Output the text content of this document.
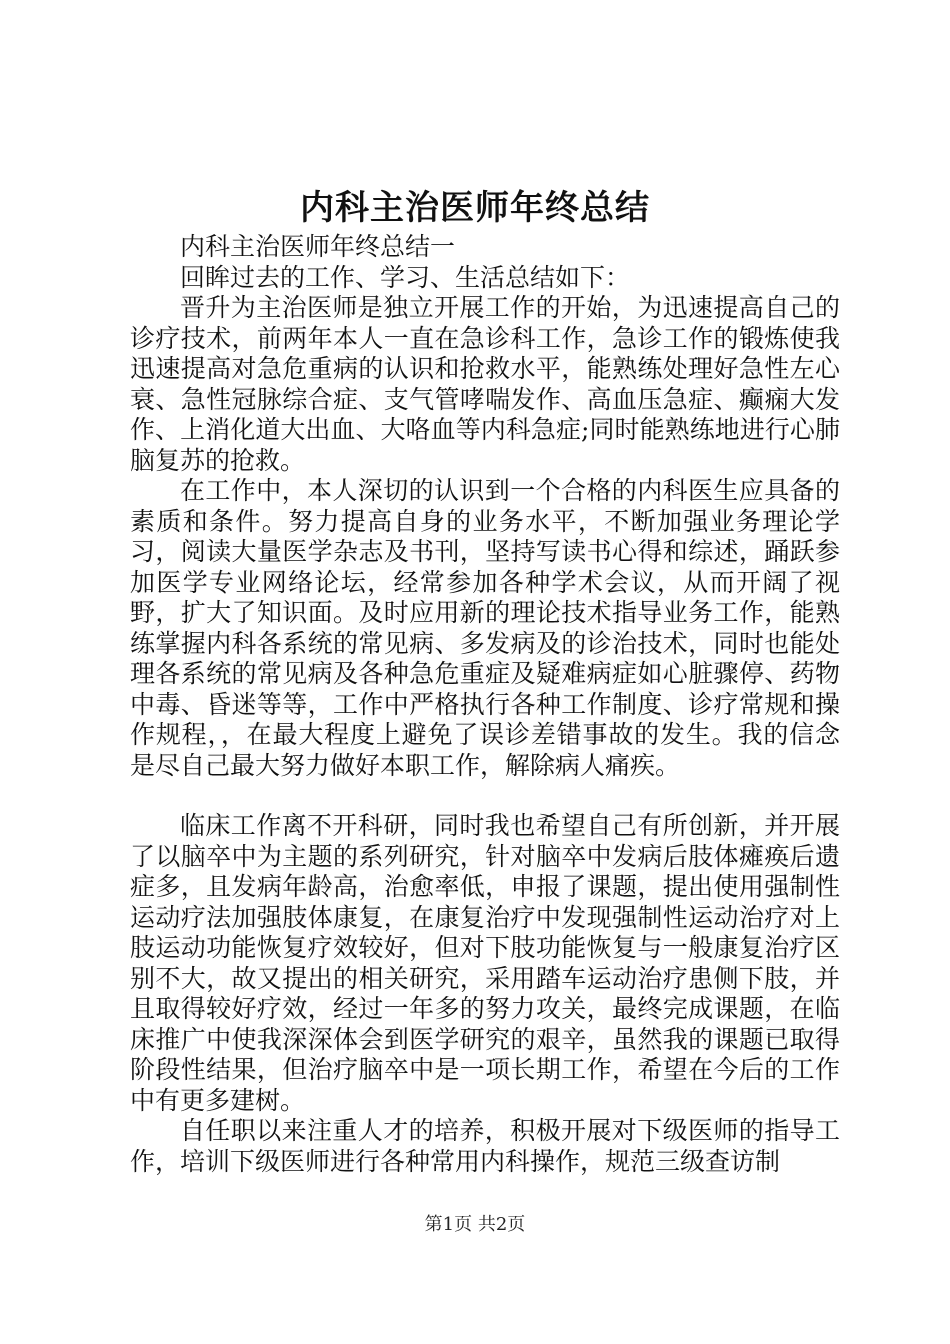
内科主治医师年终总结

内科主治医师年终总结一

回眸过去的工作、学习、生活总结如下：

晋升为主治医师是独立开展工作的开始，为迅速提高自己的诊疗技术，前两年本人一直在急诊科工作，急诊工作的锻炼使我迅速提高对急危重病的认识和抢救水平，能熟练处理好急性左心衰、急性冠脉综合症、支气管哮喘发作、高血压急症、癫痫大发作、上消化道大出血、大咯血等内科急症;同时能熟练地进行心肺脑复苏的抢救。

在工作中，本人深切的认识到一个合格的内科医生应具备的素质和条件。努力提高自身的业务水平，不断加强业务理论学习，阅读大量医学杂志及书刊，坚持写读书心得和综述，踊跃参加医学专业网络论坛，经常参加各种学术会议，从而开阔了视野，扩大了知识面。及时应用新的理论技术指导业务工作，能熟练掌握内科各系统的常见病、多发病及的诊治技术，同时也能处理各系统的常见病及各种急危重症及疑难病症如心脏骤停、药物中毒、昏迷等等，工作中严格执行各种工作制度、诊疗常规和操作规程，，在最大程度上避免了误诊差错事故的发生。我的信念是尽自己最大努力做好本职工作，解除病人痛疾。

临床工作离不开科研，同时我也希望自己有所创新，并开展了以脑卒中为主题的系列研究，针对脑卒中发病后肢体瘫痪后遗症多，且发病年龄高，治愈率低，申报了课题，提出使用强制性运动疗法加强肢体康复，在康复治疗中发现强制性运动治疗对上肢运动功能恢复疗效较好，但对下肢功能恢复与一般康复治疗区别不大，故又提出的相关研究，采用踏车运动治疗患侧下肢，并且取得较好疗效，经过一年多的努力攻关，最终完成课题，在临床推广中使我深深体会到医学研究的艰辛，虽然我的课题已取得阶段性结果，但治疗脑卒中是一项长期工作，希望在今后的工作中有更多建树。

自任职以来注重人才的培养，积极开展对下级医师的指导工作，培训下级医师进行各种常用内科操作，规范三级查访制

第1页 共2页
